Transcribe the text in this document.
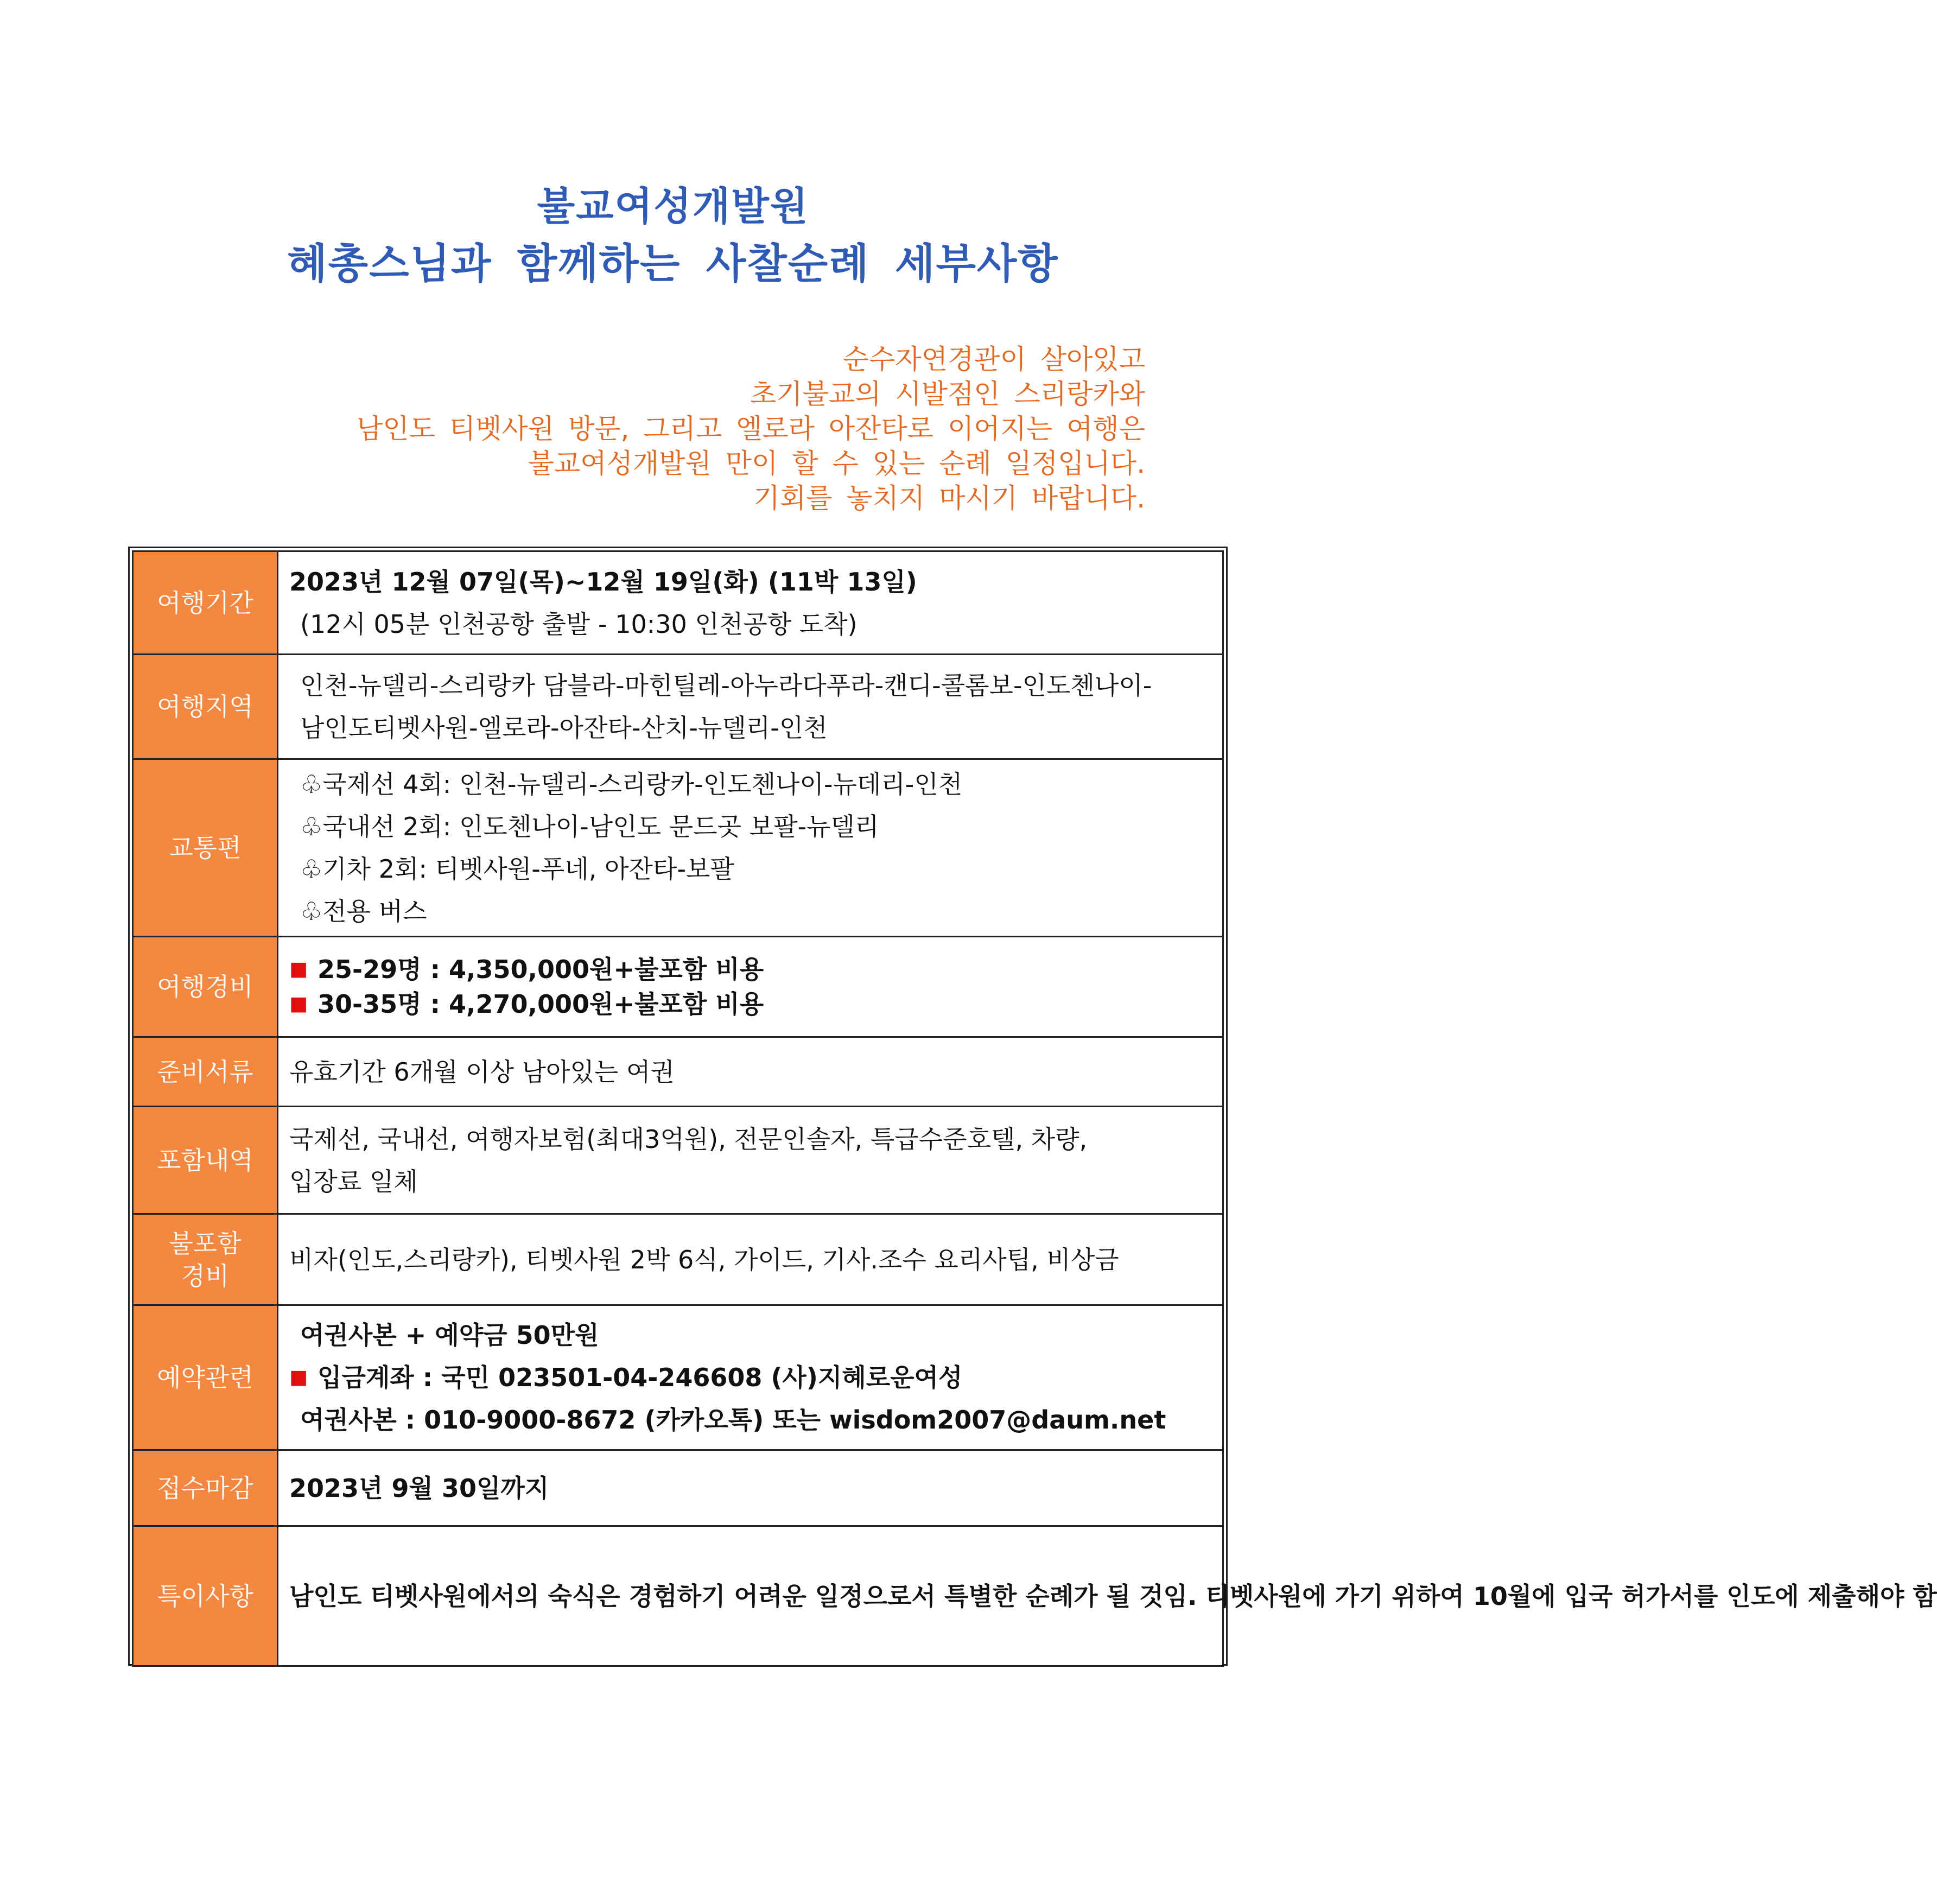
불교여성개발원
혜총스님과 함께하는 사찰순례 세부사항
순수자연경관이 살아있고
초기불교의 시발점인 스리랑카와
남인도 티벳사원 방문, 그리고 엘로라 아잔타로 이어지는 여행은
불교여성개발원 만이 할 수 있는 순례 일정입니다.
기회를 놓치지 마시기 바랍니다.
여행기간	2023년 12월 07일(목)~12월 19일(화) (11박 13일)
(12시 05분 인천공항 출발 - 10:30 인천공항 도착)

여행지역	인천-뉴델리-스리랑카 담블라-마힌틸레-아누라다푸라-캔디-콜롬보-인도첸나이-
남인도티벳사원-엘로라-아잔타-산치-뉴델리-인천

교통편	♧국제선 4회: 인천-뉴델리-스리랑카-인도첸나이-뉴데리-인천
♧국내선 2회: 인도첸나이-남인도 문드곳 보팔-뉴델리
♧기차 2회: 티벳사원-푸네, 아잔타-보팔
♧전용 버스

여행경비	■ 25-29명 : 4,350,000원+불포함 비용
■ 30-35명 : 4,270,000원+불포함 비용

준비서류	유효기간 6개월 이상 남아있는 여권
포함내역	국제선, 국내선, 여행자보험(최대3억원), 전문인솔자, 특급수준호텔, 차량,
입장료 일체

불포함
경비	비자(인도,스리랑카), 티벳사원 2박 6식, 가이드, 기사.조수 요리사팁, 비상금
예약관련	여권사본 + 예약금 50만원
■ 입금계좌 : 국민 023501-04-246608 (사)지혜로운여성
여권사본 : 010-9000-8672 (카카오톡) 또는 wisdom2007@daum.net

접수마감	2023년 9월 30일까지
특이사항	남인도 티벳사원에서의 숙식은 경험하기 어려운 일정으로서 특별한 순례가 될 것임. 티벳사원에 가기 위하여 10월에 입국 허가서를 인도에 제출해야 함
